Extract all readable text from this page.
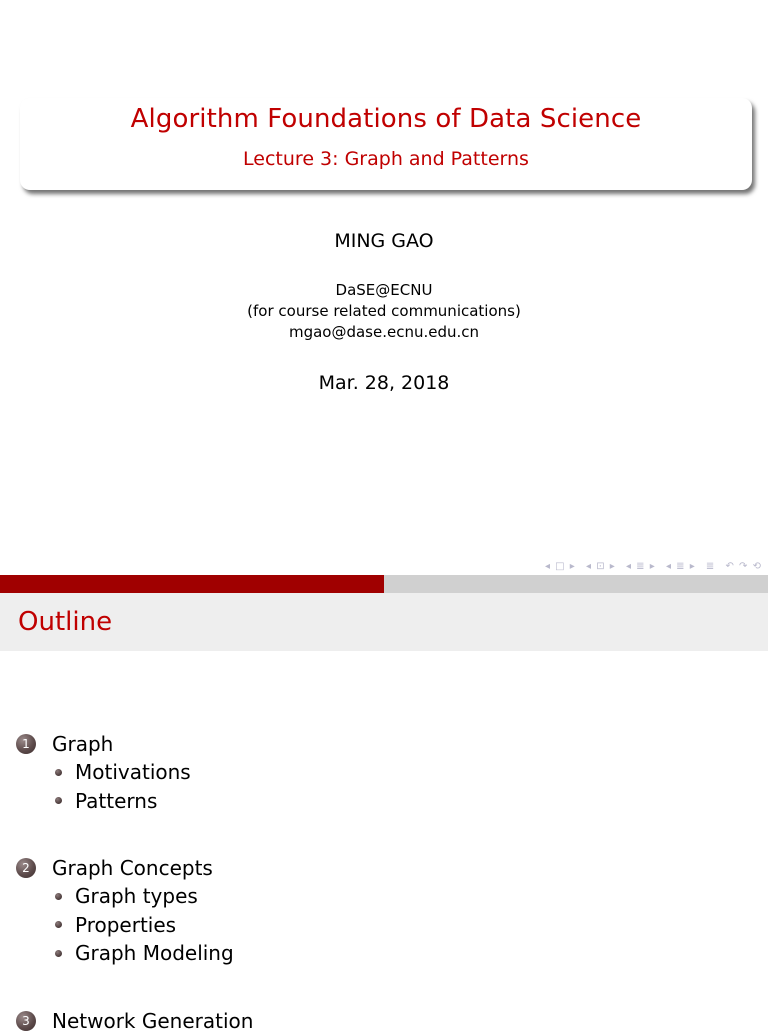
Algorithm Foundations of Data Science
Lecture 3: Graph and Patterns
MING GAO
DaSE@ECNU
(for course related communications)
mgao@dase.ecnu.edu.cn
Mar. 28, 2018
◂ □ ▸ ◂ ⊡ ▸ ◂ ≣ ▸ ◂ ≣ ▸ ≣ ↶ ↷ ⟲
Outline
1	Graph
Motivations
Patterns
2	Graph Concepts
Graph types
Properties
Graph Modeling
3	Network Generation
